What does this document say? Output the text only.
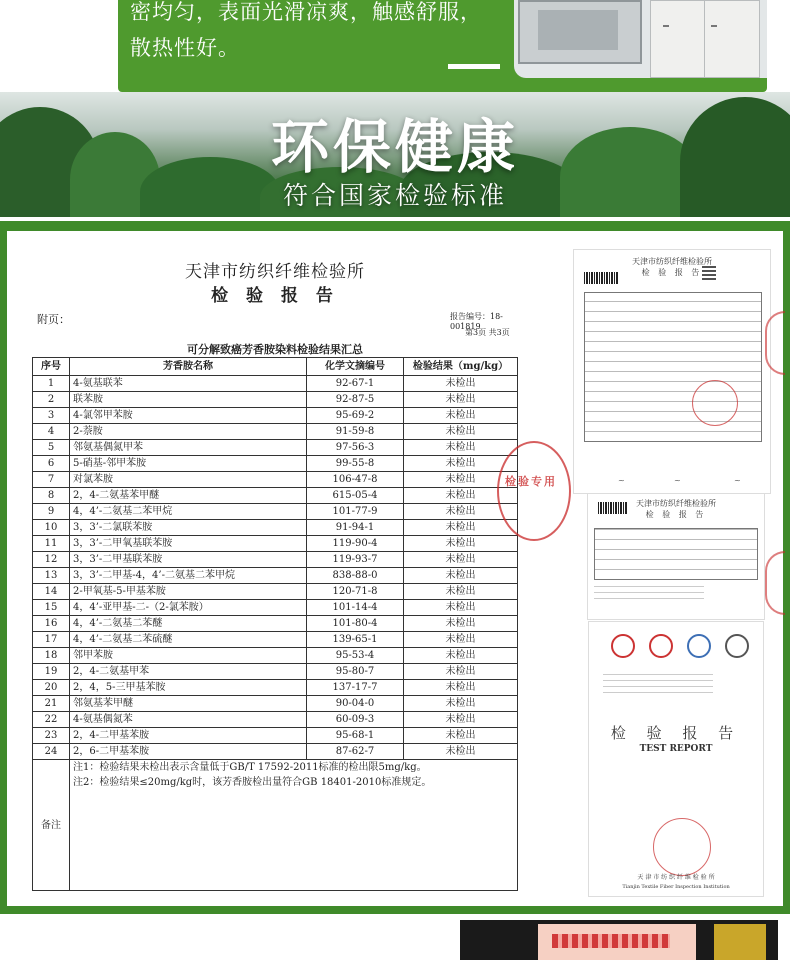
密均匀，表面光滑凉爽，触感舒服，
散热性好。
环保健康
符合国家检验标准
天津市纺织纤维检验所
检 验 报 告
附页：	报告编号：18-001819
第3页 共3页
可分解致癌芳香胺染料检验结果汇总
序号	芳香胺名称	化学文摘编号	检验结果（mg/kg）
1	4-氨基联苯	92-67-1	未检出
2	联苯胺	92-87-5	未检出
3	4-氯邻甲苯胺	95-69-2	未检出
4	2-萘胺	91-59-8	未检出
5	邻氨基偶氮甲苯	97-56-3	未检出
6	5-硝基-邻甲苯胺	99-55-8	未检出
7	对氯苯胺	106-47-8	未检出
8	2，4-二氨基苯甲醚	615-05-4	未检出
9	4，4’-二氨基二苯甲烷	101-77-9	未检出
10	3，3’-二氯联苯胺	91-94-1	未检出
11	3，3’-二甲氧基联苯胺	119-90-4	未检出
12	3，3’-二甲基联苯胺	119-93-7	未检出
13	3，3’-二甲基-4，4’-二氨基二苯甲烷	838-88-0	未检出
14	2-甲氧基-5-甲基苯胺	120-71-8	未检出
15	4，4’-亚甲基-二-（2-氯苯胺）	101-14-4	未检出
16	4，4’-二氨基二苯醚	101-80-4	未检出
17	4，4’-二氨基二苯硫醚	139-65-1	未检出
18	邻甲苯胺	95-53-4	未检出
19	2，4-二氨基甲苯	95-80-7	未检出
20	2，4，5-三甲基苯胺	137-17-7	未检出
21	邻氨基苯甲醚	90-04-0	未检出
22	4-氨基偶氮苯	60-09-3	未检出
23	2，4-二甲基苯胺	95-68-1	未检出
24	2，6-二甲基苯胺	87-62-7	未检出
备注	注1：检验结果未检出表示含量低于GB/T 17592-2011标准的检出限5mg/kg。
注2：检验结果≤20mg/kg时，该芳香胺检出量符合GB 18401-2010标准规定。		
检验专用
天津市纺织纤维检验所
检 验 报 告
~	~	~
天津市纺织纤维检验所
检 验 报 告
检 验 报 告
TEST REPORT
天 津 市 纺 织 纤 维 检 验 所
Tianjin Textile Fiber Inspection Institution
